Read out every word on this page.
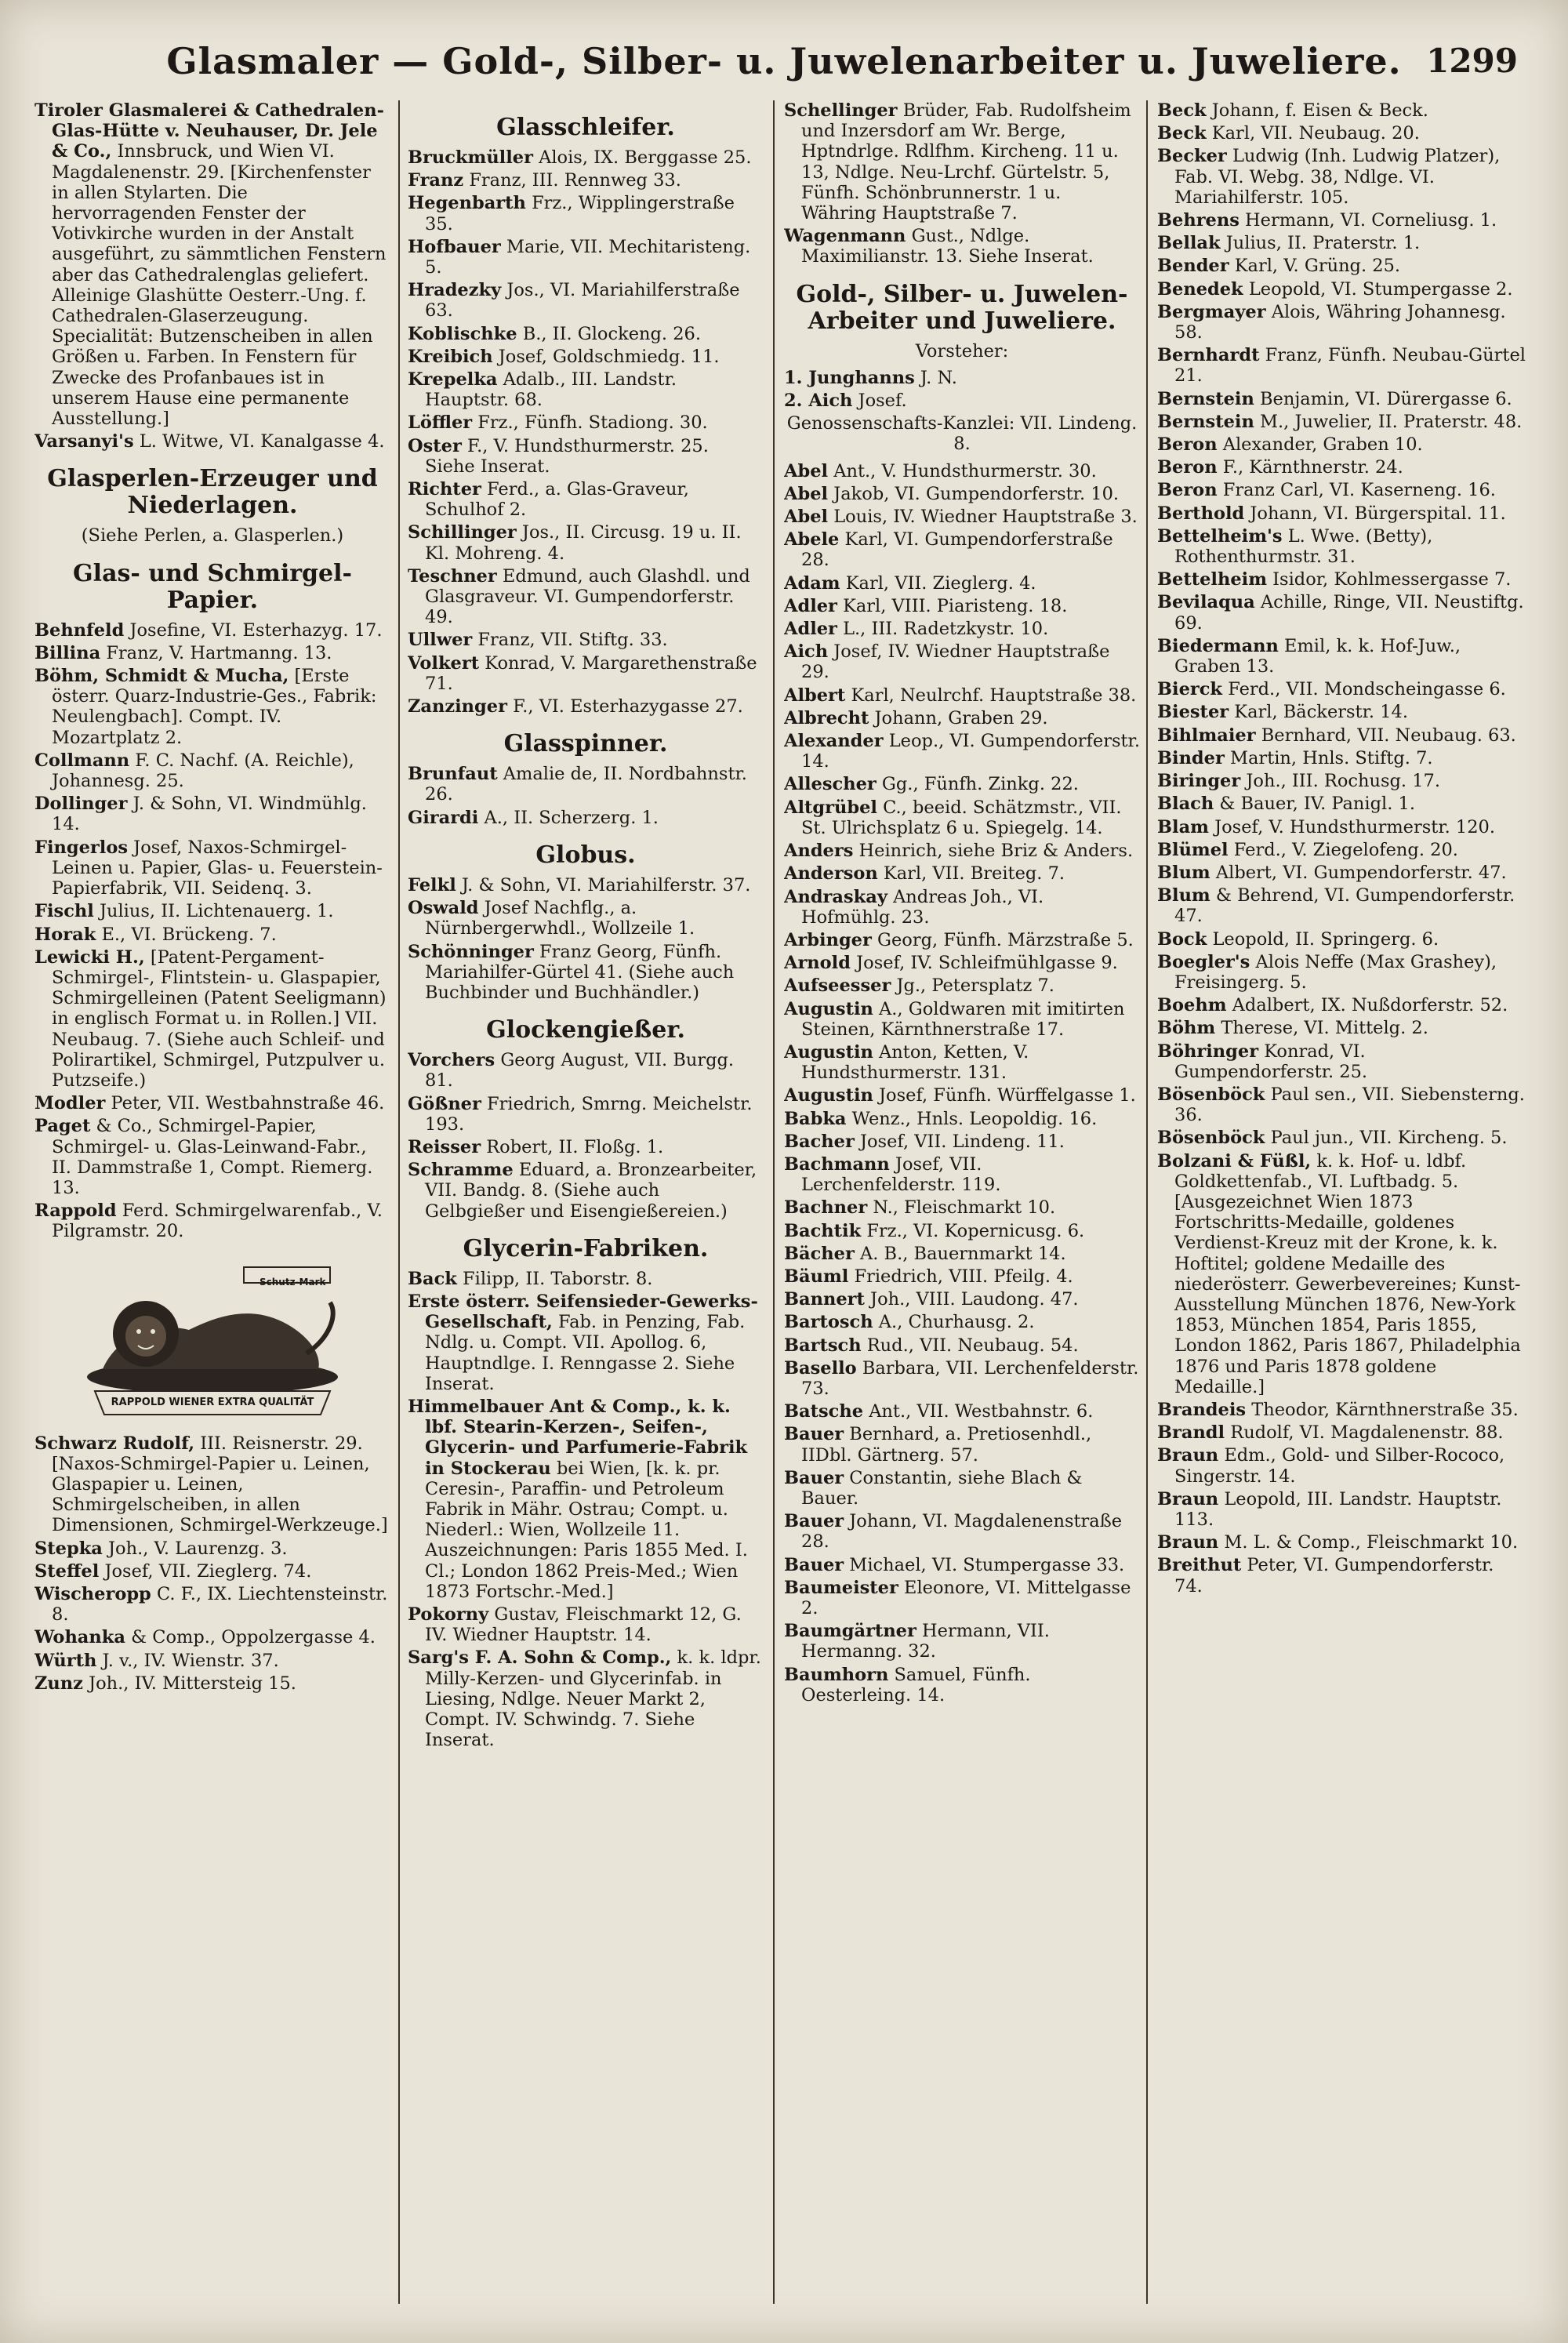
Glasmaler — Gold-, Silber- u. Juwelenarbeiter u. Juweliere. 1299
Tiroler Glasmalerei & Cathedralen-Glas-Hütte v. Neuhauser, Dr. Jele & Co., Innsbruck, und Wien VI. Magdalenenstr. 29. [Kirchenfenster in allen Stylarten. Die hervorragenden Fenster der Votivkirche wurden in der Anstalt ausgeführt, zu sämmtlichen Fenstern aber das Cathedralenglas geliefert. Alleinige Glashütte Oesterr.-Ung. f. Cathedralen-Glaserzeugung. Specialität: Butzenscheiben in allen Größen u. Farben. In Fenstern für Zwecke des Profanbaues ist in unserem Hause eine permanente Ausstellung.]
Varsanyi's L. Witwe, VI. Kanalgasse 4.
Glasperlen-Erzeuger und Niederlagen.
(Siehe Perlen, a. Glasperlen.)
Glas- und Schmirgel-Papier.
Behnfeld Josefine, VI. Esterhazyg. 17.
Billina Franz, V. Hartmanng. 13.
Böhm, Schmidt & Mucha, [Erste österr. Quarz-Industrie-Ges., Fabrik: Neulengbach]. Compt. IV. Mozartplatz 2.
Collmann F. C. Nachf. (A. Reichle), Johannesg. 25.
Dollinger J. & Sohn, VI. Windmühlg. 14.
Fingerlos Josef, Naxos-Schmirgel-Leinen u. Papier, Glas- u. Feuerstein-Papierfabrik, VII. Seidenq. 3.
Fischl Julius, II. Lichtenauerg. 1.
Horak E., VI. Brückeng. 7.
Lewicki H., [Patent-Pergament-Schmirgel-, Flintstein- u. Glaspapier, Schmirgelleinen (Patent Seeligmann) in englisch Format u. in Rollen.] VII. Neubaug. 7. (Siehe auch Schleif- und Polirartikel, Schmirgel, Putzpulver u. Putzseife.)
Modler Peter, VII. Westbahnstraße 46.
Paget & Co., Schmirgel-Papier, Schmirgel- u. Glas-Leinwand-Fabr., II. Dammstraße 1, Compt. Riemerg. 13.
Rappold Ferd. Schmirgelwarenfab., V. Pilgramstr. 20.
Schutz-Mark
RAPPOLD WIENER EXTRA QUALITÄT
Schwarz Rudolf, III. Reisnerstr. 29. [Naxos-Schmirgel-Papier u. Leinen, Glaspapier u. Leinen, Schmirgelscheiben, in allen Dimensionen, Schmirgel-Werkzeuge.]
Stepka Joh., V. Laurenzg. 3.
Steffel Josef, VII. Zieglerg. 74.
Wischeropp C. F., IX. Liechtensteinstr. 8.
Wohanka & Comp., Oppolzergasse 4.
Würth J. v., IV. Wienstr. 37.
Zunz Joh., IV. Mittersteig 15.
Glasschleifer.
Bruckmüller Alois, IX. Berggasse 25.
Franz Franz, III. Rennweg 33.
Hegenbarth Frz., Wipplingerstraße 35.
Hofbauer Marie, VII. Mechitaristeng. 5.
Hradezky Jos., VI. Mariahilferstraße 63.
Koblischke B., II. Glockeng. 26.
Kreibich Josef, Goldschmiedg. 11.
Krepelka Adalb., III. Landstr. Hauptstr. 68.
Löffler Frz., Fünfh. Stadiong. 30.
Oster F., V. Hundsthurmerstr. 25. Siehe Inserat.
Richter Ferd., a. Glas-Graveur, Schulhof 2.
Schillinger Jos., II. Circusg. 19 u. II. Kl. Mohreng. 4.
Teschner Edmund, auch Glashdl. und Glasgraveur. VI. Gumpendorferstr. 49.
Ullwer Franz, VII. Stiftg. 33.
Volkert Konrad, V. Margarethenstraße 71.
Zanzinger F., VI. Esterhazygasse 27.
Glasspinner.
Brunfaut Amalie de, II. Nordbahnstr. 26.
Girardi A., II. Scherzerg. 1.
Globus.
Felkl J. & Sohn, VI. Mariahilferstr. 37.
Oswald Josef Nachflg., a. Nürnbergerwhdl., Wollzeile 1.
Schönninger Franz Georg, Fünfh. Mariahilfer-Gürtel 41. (Siehe auch Buchbinder und Buchhändler.)
Glockengießer.
Vorchers Georg August, VII. Burgg. 81.
Gößner Friedrich, Smrng. Meichelstr. 193.
Reisser Robert, II. Floßg. 1.
Schramme Eduard, a. Bronzearbeiter, VII. Bandg. 8. (Siehe auch Gelbgießer und Eisengießereien.)
Glycerin-Fabriken.
Back Filipp, II. Taborstr. 8.
Erste österr. Seifensieder-Gewerks-Gesellschaft, Fab. in Penzing, Fab. Ndlg. u. Compt. VII. Apollog. 6, Hauptndlge. I. Renngasse 2. Siehe Inserat.
Himmelbauer Ant & Comp., k. k. lbf. Stearin-Kerzen-, Seifen-, Glycerin- und Parfumerie-Fabrik in Stockerau bei Wien, [k. k. pr. Ceresin-, Paraffin- und Petroleum Fabrik in Mähr. Ostrau; Compt. u. Niederl.: Wien, Wollzeile 11. Auszeichnungen: Paris 1855 Med. I. Cl.; London 1862 Preis-Med.; Wien 1873 Fortschr.-Med.]
Pokorny Gustav, Fleischmarkt 12, G. IV. Wiedner Hauptstr. 14.
Sarg's F. A. Sohn & Comp., k. k. ldpr. Milly-Kerzen- und Glycerinfab. in Liesing, Ndlge. Neuer Markt 2, Compt. IV. Schwindg. 7. Siehe Inserat.
Schellinger Brüder, Fab. Rudolfsheim und Inzersdorf am Wr. Berge, Hptndrlge. Rdlfhm. Kircheng. 11 u. 13, Ndlge. Neu-Lrchf. Gürtelstr. 5, Fünfh. Schönbrunnerstr. 1 u. Währing Hauptstraße 7.
Wagenmann Gust., Ndlge. Maximilianstr. 13. Siehe Inserat.
Gold-, Silber- u. Juwelen-Arbeiter und Juweliere.
Vorsteher:
1. Junghanns J. N.
2. Aich Josef.
Genossenschafts-Kanzlei: VII. Lindeng. 8.
Abel Ant., V. Hundsthurmerstr. 30.
Abel Jakob, VI. Gumpendorferstr. 10.
Abel Louis, IV. Wiedner Hauptstraße 3.
Abele Karl, VI. Gumpendorferstraße 28.
Adam Karl, VII. Zieglerg. 4.
Adler Karl, VIII. Piaristeng. 18.
Adler L., III. Radetzkystr. 10.
Aich Josef, IV. Wiedner Hauptstraße 29.
Albert Karl, Neulrchf. Hauptstraße 38.
Albrecht Johann, Graben 29.
Alexander Leop., VI. Gumpendorferstr. 14.
Allescher Gg., Fünfh. Zinkg. 22.
Altgrübel C., beeid. Schätzmstr., VII. St. Ulrichsplatz 6 u. Spiegelg. 14.
Anders Heinrich, siehe Briz & Anders.
Anderson Karl, VII. Breiteg. 7.
Andraskay Andreas Joh., VI. Hofmühlg. 23.
Arbinger Georg, Fünfh. Märzstraße 5.
Arnold Josef, IV. Schleifmühlgasse 9.
Aufseesser Jg., Petersplatz 7.
Augustin A., Goldwaren mit imitirten Steinen, Kärnthnerstraße 17.
Augustin Anton, Ketten, V. Hundsthurmerstr. 131.
Augustin Josef, Fünfh. Würffelgasse 1.
Babka Wenz., Hnls. Leopoldig. 16.
Bacher Josef, VII. Lindeng. 11.
Bachmann Josef, VII. Lerchenfelderstr. 119.
Bachner N., Fleischmarkt 10.
Bachtik Frz., VI. Kopernicusg. 6.
Bächer A. B., Bauernmarkt 14.
Bäuml Friedrich, VIII. Pfeilg. 4.
Bannert Joh., VIII. Laudong. 47.
Bartosch A., Churhausg. 2.
Bartsch Rud., VII. Neubaug. 54.
Basello Barbara, VII. Lerchenfelderstr. 73.
Batsche Ant., VII. Westbahnstr. 6.
Bauer Bernhard, a. Pretiosenhdl., IIDbl. Gärtnerg. 57.
Bauer Constantin, siehe Blach & Bauer.
Bauer Johann, VI. Magdalenenstraße 28.
Bauer Michael, VI. Stumpergasse 33.
Baumeister Eleonore, VI. Mittelgasse 2.
Baumgärtner Hermann, VII. Hermanng. 32.
Baumhorn Samuel, Fünfh. Oesterleing. 14.
Beck Johann, f. Eisen & Beck.
Beck Karl, VII. Neubaug. 20.
Becker Ludwig (Inh. Ludwig Platzer), Fab. VI. Webg. 38, Ndlge. VI. Mariahilferstr. 105.
Behrens Hermann, VI. Corneliusg. 1.
Bellak Julius, II. Praterstr. 1.
Bender Karl, V. Grüng. 25.
Benedek Leopold, VI. Stumpergasse 2.
Bergmayer Alois, Währing Johannesg. 58.
Bernhardt Franz, Fünfh. Neubau-Gürtel 21.
Bernstein Benjamin, VI. Dürergasse 6.
Bernstein M., Juwelier, II. Praterstr. 48.
Beron Alexander, Graben 10.
Beron F., Kärnthnerstr. 24.
Beron Franz Carl, VI. Kaserneng. 16.
Berthold Johann, VI. Bürgerspital. 11.
Bettelheim's L. Wwe. (Betty), Rothenthurmstr. 31.
Bettelheim Isidor, Kohlmessergasse 7.
Bevilaqua Achille, Ringe, VII. Neustiftg. 69.
Biedermann Emil, k. k. Hof-Juw., Graben 13.
Bierck Ferd., VII. Mondscheingasse 6.
Biester Karl, Bäckerstr. 14.
Bihlmaier Bernhard, VII. Neubaug. 63.
Binder Martin, Hnls. Stiftg. 7.
Biringer Joh., III. Rochusg. 17.
Blach & Bauer, IV. Panigl. 1.
Blam Josef, V. Hundsthurmerstr. 120.
Blümel Ferd., V. Ziegelofeng. 20.
Blum Albert, VI. Gumpendorferstr. 47.
Blum & Behrend, VI. Gumpendorferstr. 47.
Bock Leopold, II. Springerg. 6.
Boegler's Alois Neffe (Max Grashey), Freisingerg. 5.
Boehm Adalbert, IX. Nußdorferstr. 52.
Böhm Therese, VI. Mittelg. 2.
Böhringer Konrad, VI. Gumpendorferstr. 25.
Bösenböck Paul sen., VII. Siebensterng. 36.
Bösenböck Paul jun., VII. Kircheng. 5.
Bolzani & Füßl, k. k. Hof- u. ldbf. Goldkettenfab., VI. Luftbadg. 5. [Ausgezeichnet Wien 1873 Fortschritts-Medaille, goldenes Verdienst-Kreuz mit der Krone, k. k. Hoftitel; goldene Medaille des niederösterr. Gewerbevereines; Kunst-Ausstellung München 1876, New-York 1853, München 1854, Paris 1855, London 1862, Paris 1867, Philadelphia 1876 und Paris 1878 goldene Medaille.]
Brandeis Theodor, Kärnthnerstraße 35.
Brandl Rudolf, VI. Magdalenenstr. 88.
Braun Edm., Gold- und Silber-Rococo, Singerstr. 14.
Braun Leopold, III. Landstr. Hauptstr. 113.
Braun M. L. & Comp., Fleischmarkt 10.
Breithut Peter, VI. Gumpendorferstr. 74.
